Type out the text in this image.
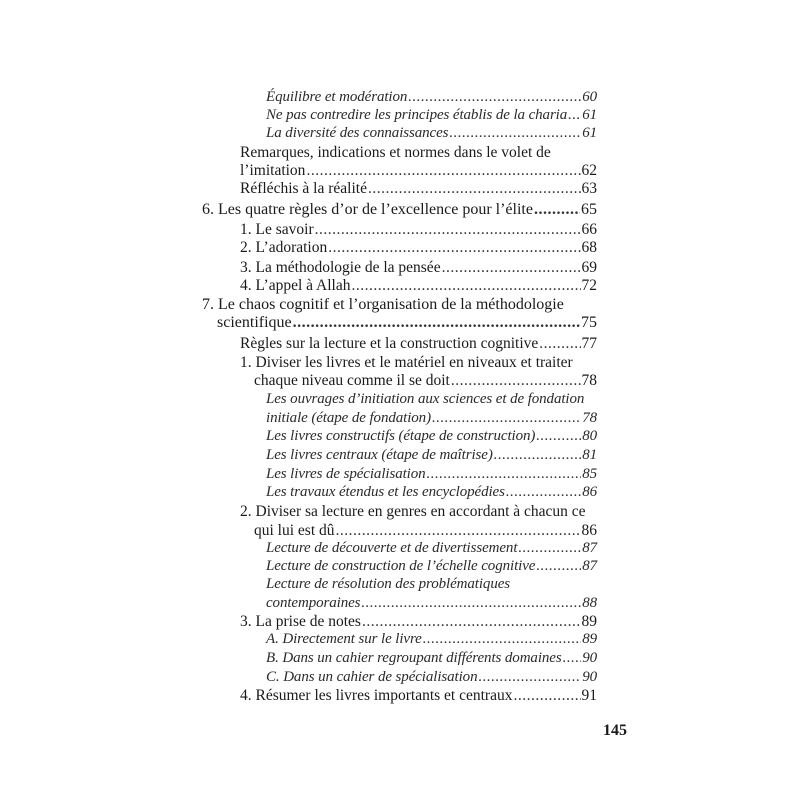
Équilibre et modération .....	60
Ne pas contredire les principes établis de la charia ..... 61
La diversité des connaissances .....	61
Remarques, indications et normes dans le volet de
l’imitation .....	62
Réfléchis à la réalité .....	63
6. Les quatre règles d’or de l’excellence pour l’élite .....	65
1. Le savoir .....	66
2. L’adoration .....	68
3. La méthodologie de la pensée .....	69
4. L’appel à Allah .....	72
7. Le chaos cognitif et l’organisation de la méthodologie
scientifique .....	75
Règles sur la lecture et la construction cognitive .....	77
1. Diviser les livres et le matériel en niveaux et traiter
chaque niveau comme il se doit .....	78
Les ouvrages d’initiation aux sciences et de fondation
initiale (étape de fondation) .....	78
Les livres constructifs (étape de construction) .....	80
Les livres centraux (étape de maîtrise) .....	81
Les livres de spécialisation .....	85
Les travaux étendus et les encyclopédies .....	86
2. Diviser sa lecture en genres en accordant à chacun ce
qui lui est dû .....	86
Lecture de découverte et de divertissement .....	87
Lecture de construction de l’échelle cognitive .....	87
Lecture de résolution des problématiques
contemporaines .....	88
3. La prise de notes .....	89
A. Directement sur le livre .....	89
B. Dans un cahier regroupant différents domaines ..... 90
C. Dans un cahier de spécialisation .....	90
4. Résumer les livres importants et centraux .....	91
145
